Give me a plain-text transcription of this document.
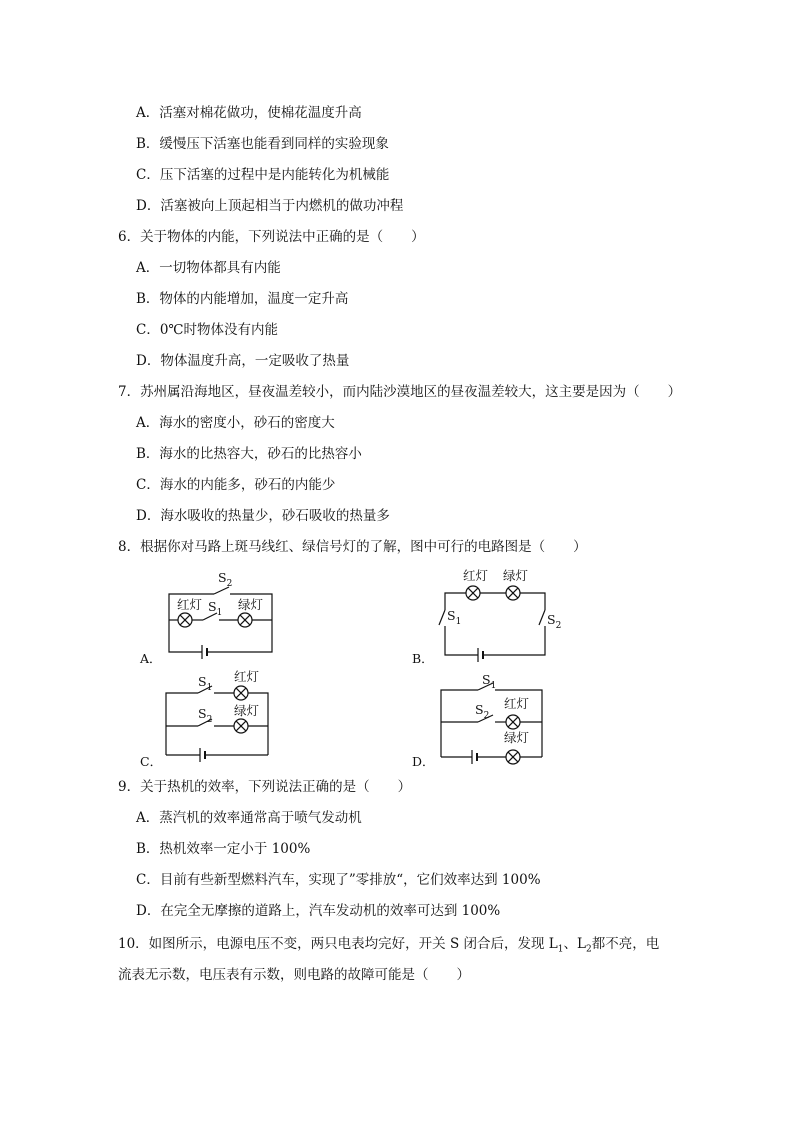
A．活塞对棉花做功，使棉花温度升高
B．缓慢压下活塞也能看到同样的实验现象
C．压下活塞的过程中是内能转化为机械能
D．活塞被向上顶起相当于内燃机的做功冲程
6．关于物体的内能，下列说法中正确的是（ ）
A．一切物体都具有内能
B．物体的内能增加，温度一定升高
C．0℃时物体没有内能
D．物体温度升高，一定吸收了热量
7．苏州属沿海地区，昼夜温差较小，而内陆沙漠地区的昼夜温差较大，这主要是因为（ ）
A．海水的密度小，砂石的密度大
B．海水的比热容大，砂石的比热容小
C．海水的内能多，砂石的内能少
D．海水吸收的热量少，砂石吸收的热量多
8．根据你对马路上斑马线红、绿信号灯的了解，图中可行的电路图是（ ）
$S_2$
红灯 $S_1$
绿灯
A．
红灯 绿灯
$S_1$	$S_2$
B．
$S_1$
红灯
$S_2$
绿灯
C．
$S_1$
$S_2$
红灯
绿灯
D．
9．关于热机的效率，下列说法正确的是（ ）
A．蒸汽机的效率通常高于喷气发动机
B．热机效率一定小于 100%
C．目前有些新型燃料汽车，实现了”零排放“，它们效率达到 100%
D．在完全无摩擦的道路上，汽车发动机的效率可达到 100%
10．如图所示，电源电压不变，两只电表均完好，开关 S 闭合后，发现 $L_1$、$L_2$都不亮，电
流表无示数，电压表有示数，则电路的故障可能是（ ）
